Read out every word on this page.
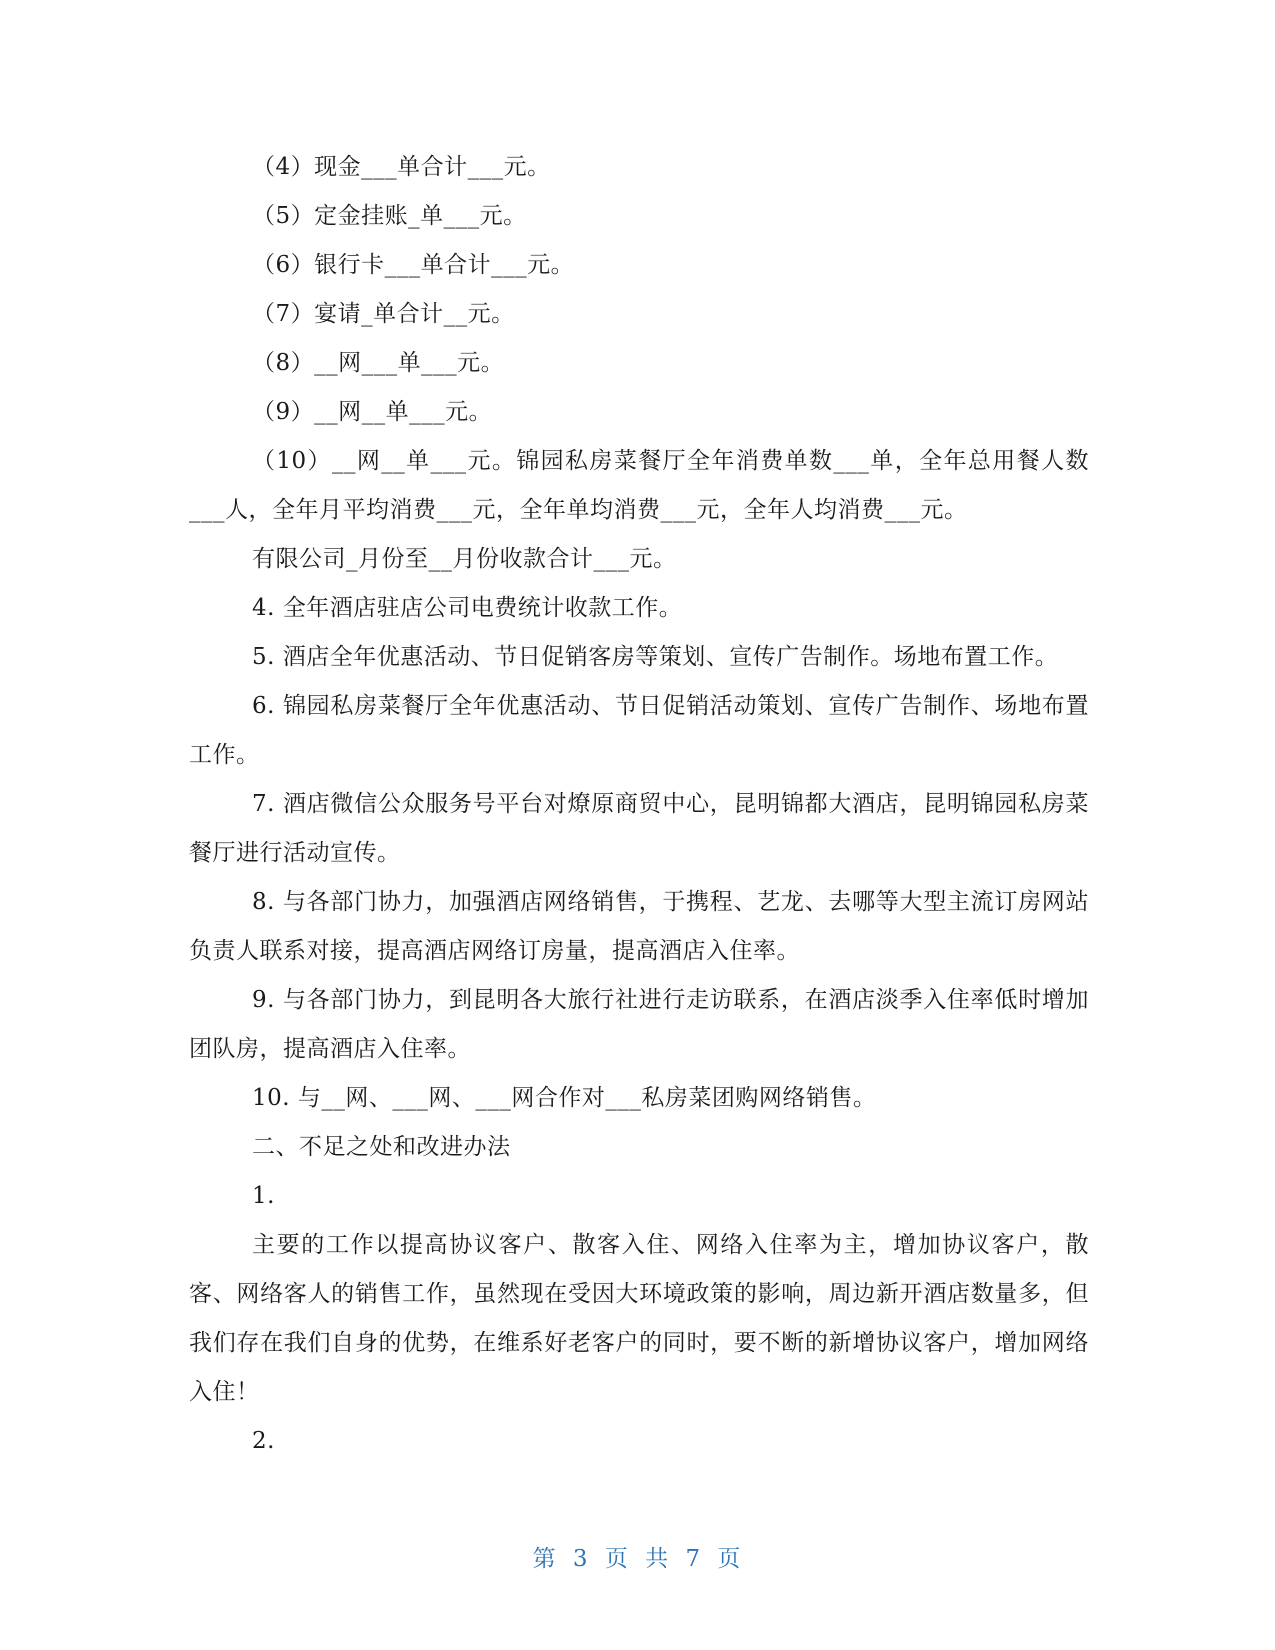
（4）现金___单合计___元。

（5）定金挂账_单___元。

（6）银行卡___单合计___元。

（7）宴请_单合计__元。

（8）__网___单___元。

（9）__网__单___元。

（10）__网__单___元。锦园私房菜餐厅全年消费单数___单，全年总用餐人数___人，全年月平均消费___元，全年单均消费___元，全年人均消费___元。

有限公司_月份至__月份收款合计___元。

4. 全年酒店驻店公司电费统计收款工作。

5. 酒店全年优惠活动、节日促销客房等策划、宣传广告制作。场地布置工作。

6. 锦园私房菜餐厅全年优惠活动、节日促销活动策划、宣传广告制作、场地布置工作。

7. 酒店微信公众服务号平台对燎原商贸中心，昆明锦都大酒店，昆明锦园私房菜餐厅进行活动宣传。

8. 与各部门协力，加强酒店网络销售，于携程、艺龙、去哪等大型主流订房网站负责人联系对接，提高酒店网络订房量，提高酒店入住率。

9. 与各部门协力，到昆明各大旅行社进行走访联系，在酒店淡季入住率低时增加团队房，提高酒店入住率。

10. 与__网、___网、___网合作对___私房菜团购网络销售。

二、不足之处和改进办法

1.

主要的工作以提高协议客户、散客入住、网络入住率为主，增加协议客户，散客、网络客人的销售工作，虽然现在受因大环境政策的影响，周边新开酒店数量多，但我们存在我们自身的优势，在维系好老客户的同时，要不断的新增协议客户，增加网络入住！

2.

第 3 页 共 7 页
